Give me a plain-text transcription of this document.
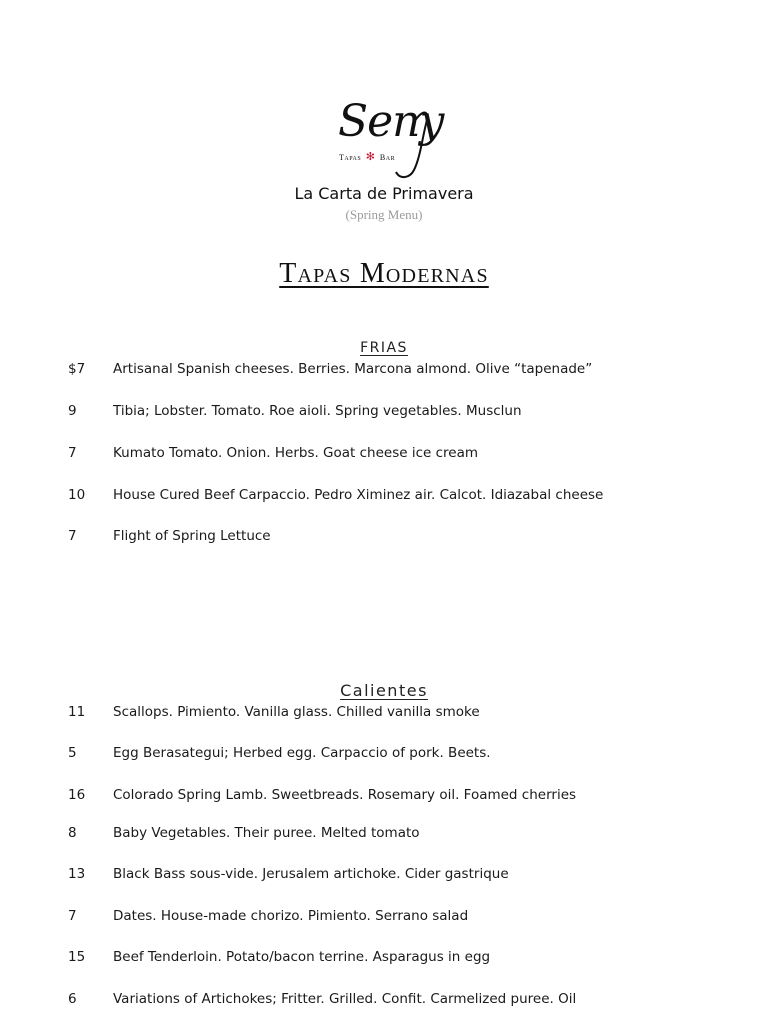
Seny
Tapas ✻ Bar
La Carta de Primavera
(Spring Menu)
Tapas Modernas
FRIAS
$7 Artisanal Spanish cheeses. Berries. Marcona almond. Olive “tapenade”
9	Tibia; Lobster. Tomato. Roe aioli. Spring vegetables. Musclun
7	Kumato Tomato. Onion. Herbs. Goat cheese ice cream
10 House Cured Beef Carpaccio. Pedro Ximinez air. Calcot. Idiazabal cheese
7	Flight of Spring Lettuce
Calientes
11 Scallops. Pimiento. Vanilla glass. Chilled vanilla smoke
5	Egg Berasategui; Herbed egg. Carpaccio of pork. Beets.
16 Colorado Spring Lamb. Sweetbreads. Rosemary oil. Foamed cherries
8	Baby Vegetables. Their puree. Melted tomato
13 Black Bass sous-vide. Jerusalem artichoke. Cider gastrique
7	Dates. House-made chorizo. Pimiento. Serrano salad
15 Beef Tenderloin. Potato/bacon terrine. Asparagus in egg
6	Variations of Artichokes; Fritter. Grilled. Confit. Carmelized puree. Oil
